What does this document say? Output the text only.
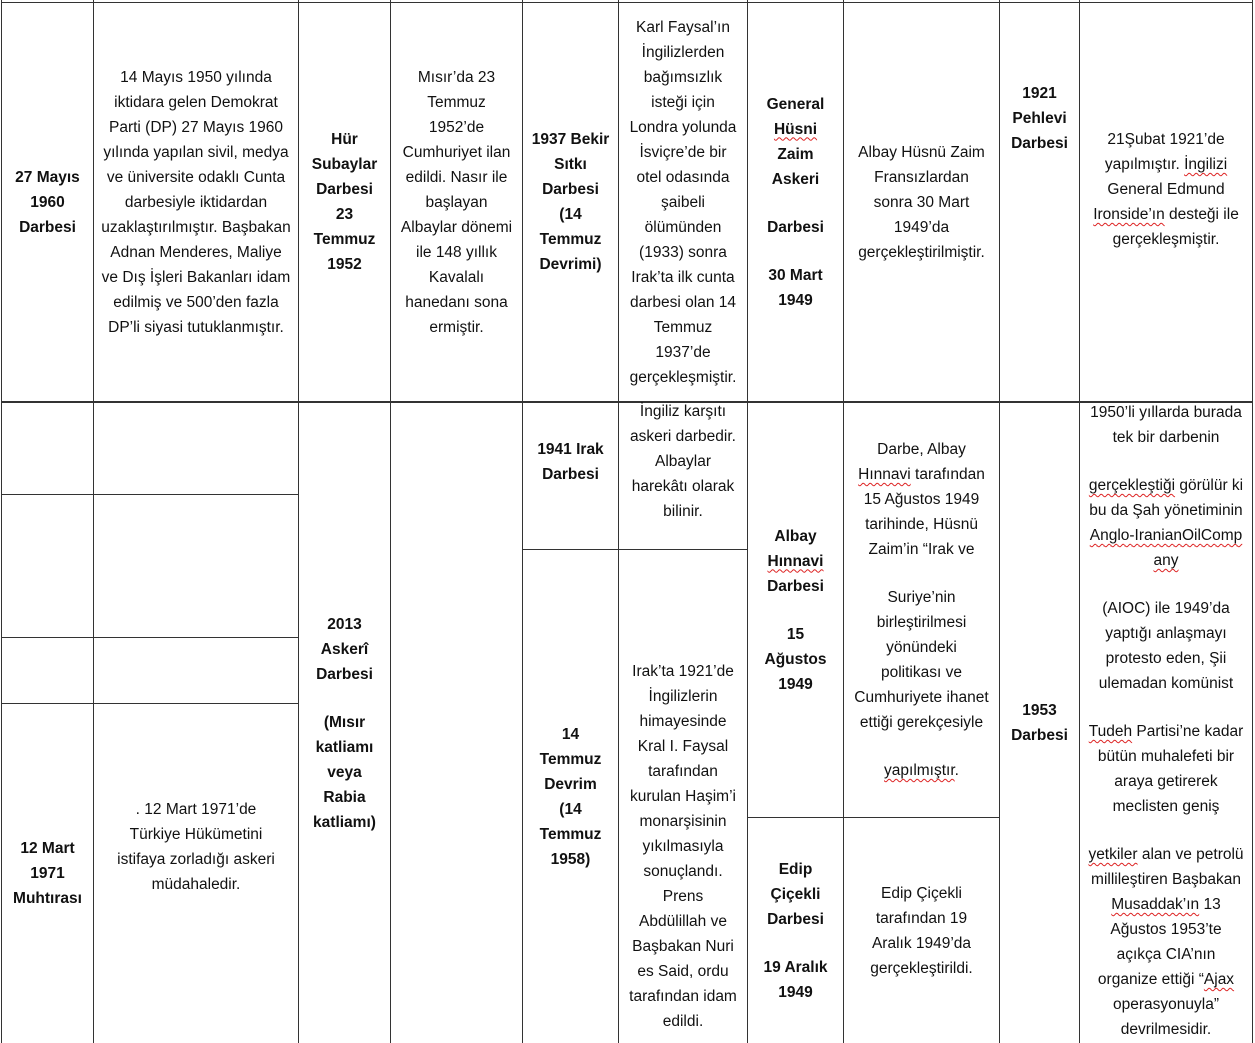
27 Mayıs

1960 Darbesi

14 Mayıs 1950 yılında iktidara gelen Demokrat Parti (DP) 27 Mayıs 1960 yılında yapılan sivil, medya ve üniversite odaklı Cunta darbesiyle iktidardan uzaklaştırılmıştır. Başbakan Adnan Menderes, Maliye ve Dış İşleri Bakanları idam edilmiş ve 500’den fazla DP’li siyasi tutuklanmıştır.

Hür Subaylar Darbesi

23 Temmuz 1952

Mısır’da 23 Temmuz 1952’de Cumhuriyet ilan edildi. Nasır ile başlayan Albaylar dönemi ile 148 yıllık Kavalalı hanedanı sona ermiştir.

1937 Bekir Sıtkı Darbesi

(14 Temmuz Devrimi)

Karl Faysal’ın İngilizlerden bağımsızlık isteği için Londra yolunda İsviçre’de bir otel odasında şaibeli ölümünden (1933) sonra Irak’ta ilk cunta darbesi olan 14 Temmuz 1937’de gerçekleşmiştir.

General

Hüsni

Zaim Askeri

Darbesi

30 Mart 1949

Albay Hüsnü Zaim Fransızlardan sonra 30 Mart 1949’da gerçekleştirilmiştir.

1921 Pehlevi Darbesi	21Şubat 1921’de yapılmıştır. İngilizi General Edmund Ironside’ın desteği ile gerçekleşmiştir.

12 Mart 1971 Muhtırası

. 12 Mart 1971’de Türkiye Hükümetini istifaya zorladığı askeri müdahaledir.

2013 Askerî Darbesi

(Mısır katliamı veya Rabia katliamı)

1941 Irak Darbesi

İngiliz karşıtı askeri darbedir. Albaylar harekâtı olarak bilinir.

14 Temmuz Devrim

(14 Temmuz 1958)

Irak’ta 1921’de İngilizlerin himayesinde Kral I. Faysal tarafından kurulan Haşim’i monarşisinin yıkılmasıyla sonuçlandı. Prens Abdülillah ve Başbakan Nuri es Said, ordu tarafından idam edildi.

Albay

Hınnavi

Darbesi

15 Ağustos 1949

Darbe, Albay Hınnavi tarafından 15 Ağustos 1949 tarihinde, Hüsnü Zaim’in “Irak ve

Suriye’nin birleştirilmesi yönündeki politikası ve Cumhuriyete ihanet ettiği gerekçesiyle

yapılmıştır.

Edip Çiçekli Darbesi

19 Aralık 1949

Edip Çiçekli tarafından 19 Aralık 1949’da gerçekleştirildi.

1953 Darbesi

1950’li yıllarda burada tek bir darbenin

gerçekleştiği görülür ki bu da Şah yönetiminin Anglo-IranianOilCompany

(AIOC) ile 1949’da yaptığı anlaşmayı protesto eden, Şii ulemadan komünist

Tudeh Partisi’ne kadar bütün muhalefeti bir araya getirerek meclisten geniş

yetkiler alan ve petrolü millileştiren Başbakan Musaddak’ın 13 Ağustos 1953’te açıkça CIA’nın organize ettiği “Ajax operasyonuyla” devrilmesidir.
